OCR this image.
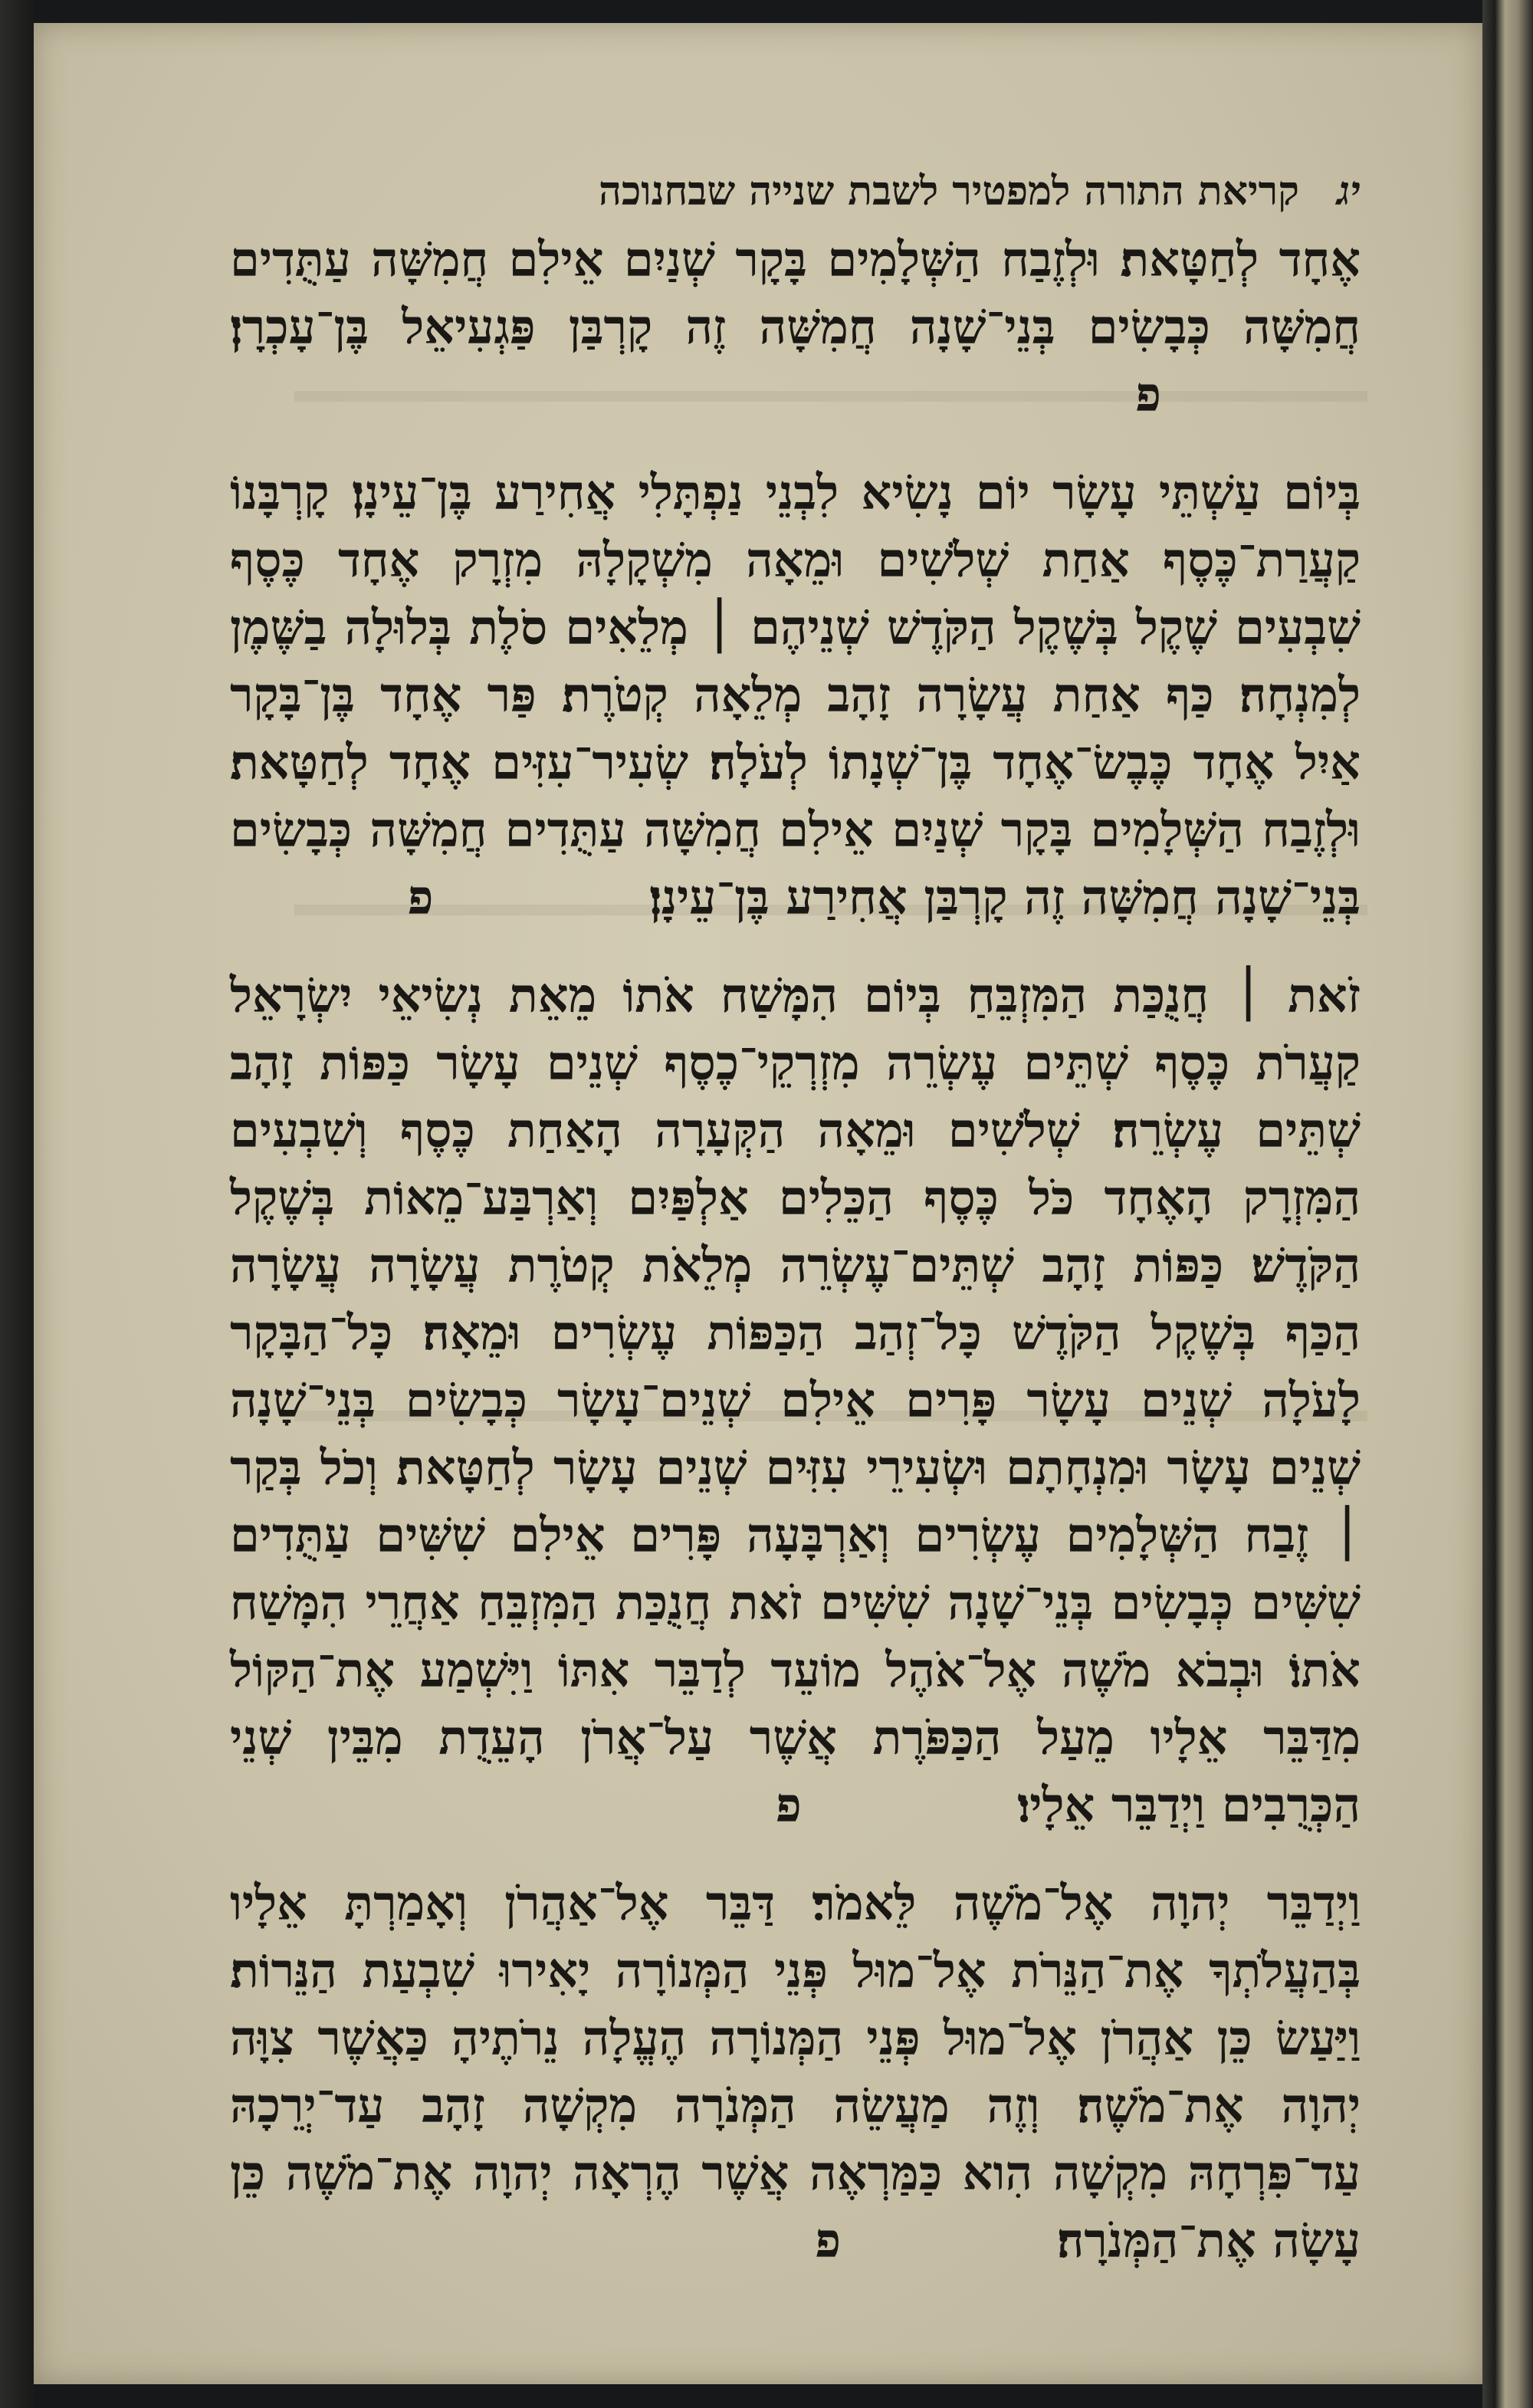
קריאת התורה למפטיר לשבת שנייה שבחנוכה יג

אֶחָד לְחַטָּאת׃ וּלְזֶבַח הַשְּׁלָמִים בָּקָר שְׁנַיִם אֵילִם חֲמִשָּׁה עַתֻּדִים חֲמִשָּׁה כְּבָשִׂים בְּנֵי־שָׁנָה חֲמִשָּׁה זֶה קָרְבַּן פַּגְעִיאֵל בֶּן־עָכְרָן׃ פ

בְּיוֹם עַשְׁתֵּי עָשָׂר יוֹם נָשִׂיא לִבְנֵי נַפְתָּלִי אֲחִירַע בֶּן־עֵינָן׃ קָרְבָּנוֹ קַעֲרַת־כֶּסֶף אַחַת שְׁלֹשִׁים וּמֵאָה מִשְׁקָלָהּ מִזְרָק אֶחָד כֶּסֶף שִׁבְעִים שֶׁקֶל בְּשֶׁקֶל הַקֹּדֶשׁ שְׁנֵיהֶם ׀ מְלֵאִים סֹלֶת בְּלוּלָה בַשֶּׁמֶן לְמִנְחָה׃ כַּף אַחַת עֲשָׂרָה זָהָב מְלֵאָה קְטֹרֶת׃ פַּר אֶחָד בֶּן־בָּקָר אַיִל אֶחָד כֶּבֶשׂ־אֶחָד בֶּן־שְׁנָתוֹ לְעֹלָה׃ שְׂעִיר־עִזִּים אֶחָד לְחַטָּאת׃ וּלְזֶבַח הַשְּׁלָמִים בָּקָר שְׁנַיִם אֵילִם חֲמִשָּׁה עַתֻּדִים חֲמִשָּׁה כְּבָשִׂים בְּנֵי־שָׁנָה חֲמִשָּׁה זֶה קָרְבַּן אֲחִירַע בֶּן־עֵינָן׃ פ

זֹאת ׀ חֲנֻכַּת הַמִּזְבֵּחַ בְּיוֹם הִמָּשַׁח אֹתוֹ מֵאֵת נְשִׂיאֵי יִשְׂרָאֵל קַעֲרֹת כֶּסֶף שְׁתֵּים עֶשְׂרֵה מִזְרְקֵי־כֶסֶף שְׁנֵים עָשָׂר כַּפּוֹת זָהָב שְׁתֵּים עֶשְׂרֵה׃ שְׁלֹשִׁים וּמֵאָה הַקְּעָרָה הָאַחַת כֶּסֶף וְשִׁבְעִים הַמִּזְרָק הָאֶחָד כֹּל כֶּסֶף הַכֵּלִים אַלְפַּיִם וְאַרְבַּע־מֵאוֹת בְּשֶׁקֶל הַקֹּדֶשׁ׃ כַּפּוֹת זָהָב שְׁתֵּים־עֶשְׂרֵה מְלֵאֹת קְטֹרֶת עֲשָׂרָה עֲשָׂרָה הַכַּף בְּשֶׁקֶל הַקֹּדֶשׁ כָּל־זְהַב הַכַּפּוֹת עֶשְׂרִים וּמֵאָה׃ כָּל־הַבָּקָר לָעֹלָה שְׁנֵים עָשָׂר פָּרִים אֵילִם שְׁנֵים־עָשָׂר כְּבָשִׂים בְּנֵי־שָׁנָה שְׁנֵים עָשָׂר וּמִנְחָתָם וּשְׂעִירֵי עִזִּים שְׁנֵים עָשָׂר לְחַטָּאת׃ וְכֹל בְּקַר ׀ זֶבַח הַשְּׁלָמִים עֶשְׂרִים וְאַרְבָּעָה פָּרִים אֵילִם שִׁשִּׁים עַתֻּדִים שִׁשִּׁים כְּבָשִׂים בְּנֵי־שָׁנָה שִׁשִּׁים זֹאת חֲנֻכַּת הַמִּזְבֵּחַ אַחֲרֵי הִמָּשַׁח אֹתוֹ׃ וּבְבֹא מֹשֶׁה אֶל־אֹהֶל מוֹעֵד לְדַבֵּר אִתּוֹ וַיִּשְׁמַע אֶת־הַקּוֹל מִדַּבֵּר אֵלָיו מֵעַל הַכַּפֹּרֶת אֲשֶׁר עַל־אֲרֹן הָעֵדֻת מִבֵּין שְׁנֵי הַכְּרֻבִים וַיְדַבֵּר אֵלָיו׃ פ

וַיְדַבֵּר יְהוָה אֶל־מֹשֶׁה לֵּאמֹר׃ דַּבֵּר אֶל־אַהֲרֹן וְאָמַרְתָּ אֵלָיו בְּהַעֲלֹתְךָ אֶת־הַנֵּרֹת אֶל־מוּל פְּנֵי הַמְּנוֹרָה יָאִירוּ שִׁבְעַת הַנֵּרוֹת׃ וַיַּעַשׂ כֵּן אַהֲרֹן אֶל־מוּל פְּנֵי הַמְּנוֹרָה הֶעֱלָה נֵרֹתֶיהָ כַּאֲשֶׁר צִוָּה יְהוָה אֶת־מֹשֶׁה׃ וְזֶה מַעֲשֵׂה הַמְּנֹרָה מִקְשָׁה זָהָב עַד־יְרֵכָהּ עַד־פִּרְחָהּ מִקְשָׁה הִוא כַּמַּרְאֶה אֲשֶׁר הֶרְאָה יְהוָה אֶת־מֹשֶׁה כֵּן עָשָׂה אֶת־הַמְּנֹרָה׃ פ
